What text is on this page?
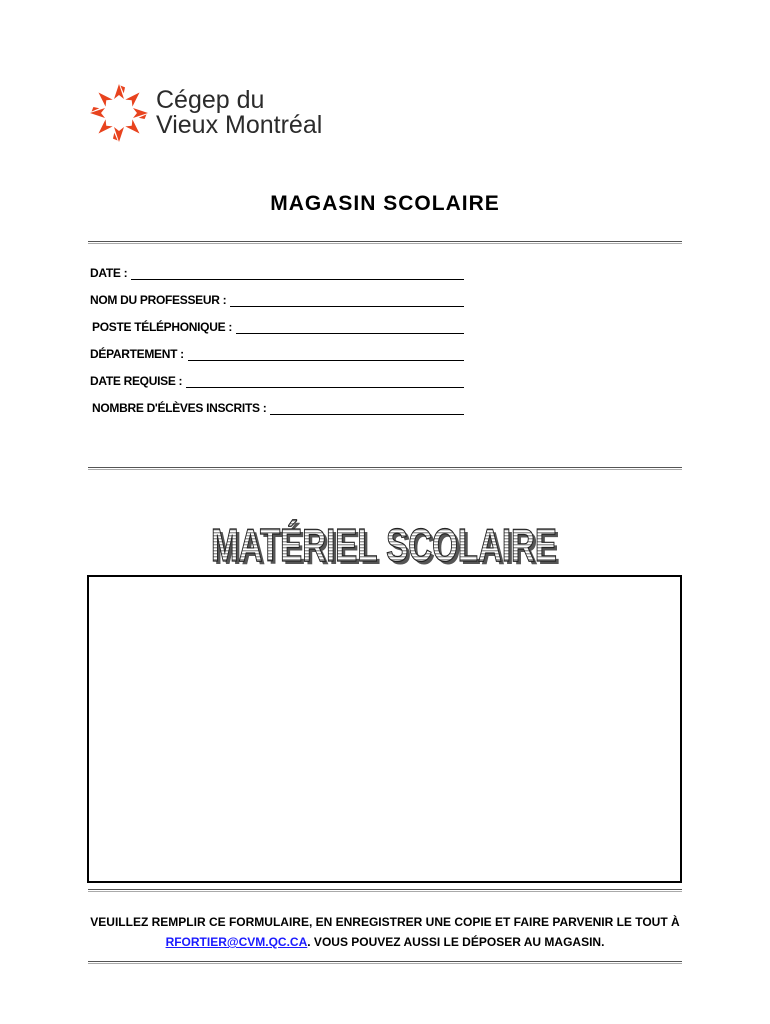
Cégep du
Vieux Montréal
MAGASIN SCOLAIRE
DATE :
NOM DU PROFESSEUR :
POSTE TÉLÉPHONIQUE :
DÉPARTEMENT :
DATE REQUISE :
NOMBRE D'ÉLÈVES INSCRITS :
MATÉRIEL SCOLAIRE
MATÉRIEL SCOLAIRE
VEUILLEZ REMPLIR CE FORMULAIRE, EN ENREGISTRER UNE COPIE ET FAIRE PARVENIR LE TOUT À
RFORTIER@CVM.QC.CA. VOUS POUVEZ AUSSI LE DÉPOSER AU MAGASIN.
